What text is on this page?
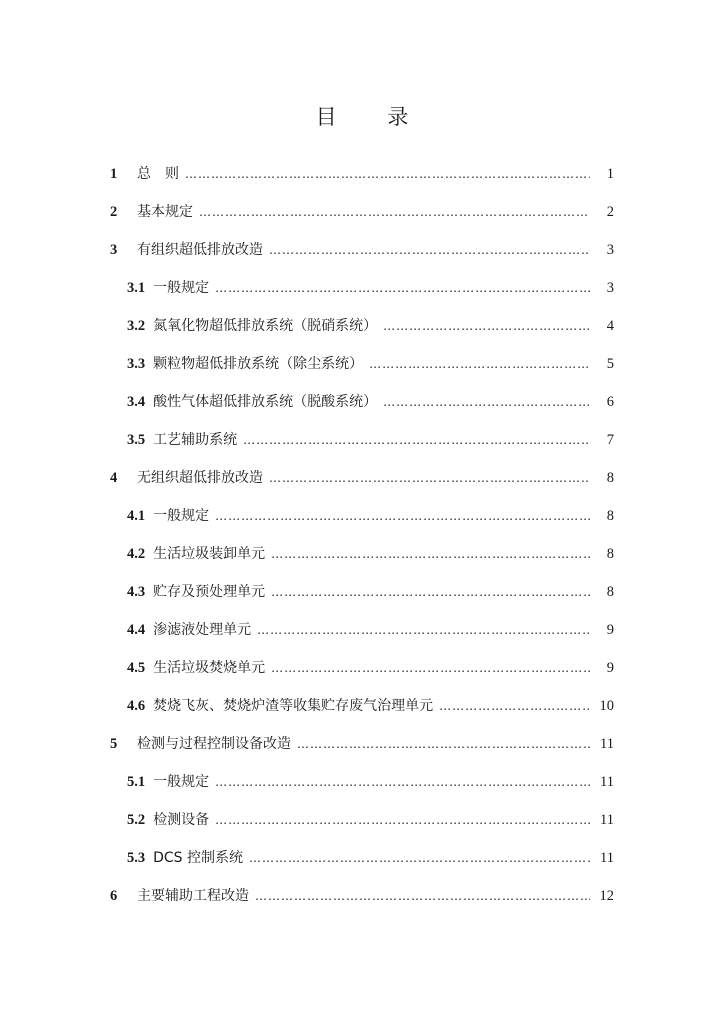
目 录
1	总　则 …………………………………………………………………………………………………………………	1
2	基本规定 …………………………………………………………………………………………………………………	2
3	有组织超低排放改造 …………………………………………………………………………………………………………………	3
3.1 一般规定 …………………………………………………………………………………………………………………	3
3.2 氮氧化物超低排放系统（脱硝系统） …………………………………………………………………………………………………………………	4
3.3 颗粒物超低排放系统（除尘系统） …………………………………………………………………………………………………………………	5
3.4 酸性气体超低排放系统（脱酸系统） …………………………………………………………………………………………………………………	6
3.5 工艺辅助系统 …………………………………………………………………………………………………………………	7
4	无组织超低排放改造 …………………………………………………………………………………………………………………	8
4.1 一般规定 …………………………………………………………………………………………………………………	8
4.2 生活垃圾装卸单元 …………………………………………………………………………………………………………………	8
4.3 贮存及预处理单元 …………………………………………………………………………………………………………………	8
4.4 渗滤液处理单元 …………………………………………………………………………………………………………………	9
4.5 生活垃圾焚烧单元 …………………………………………………………………………………………………………………	9
4.6 焚烧飞灰、焚烧炉渣等收集贮存废气治理单元 …………………………………………………………………………………………………………………	10
5	检测与过程控制设备改造 …………………………………………………………………………………………………………………	11
5.1 一般规定 …………………………………………………………………………………………………………………	11
5.2 检测设备 …………………………………………………………………………………………………………………	11
5.3 DCS 控制系统 …………………………………………………………………………………………………………………	11
6	主要辅助工程改造 …………………………………………………………………………………………………………………	12
